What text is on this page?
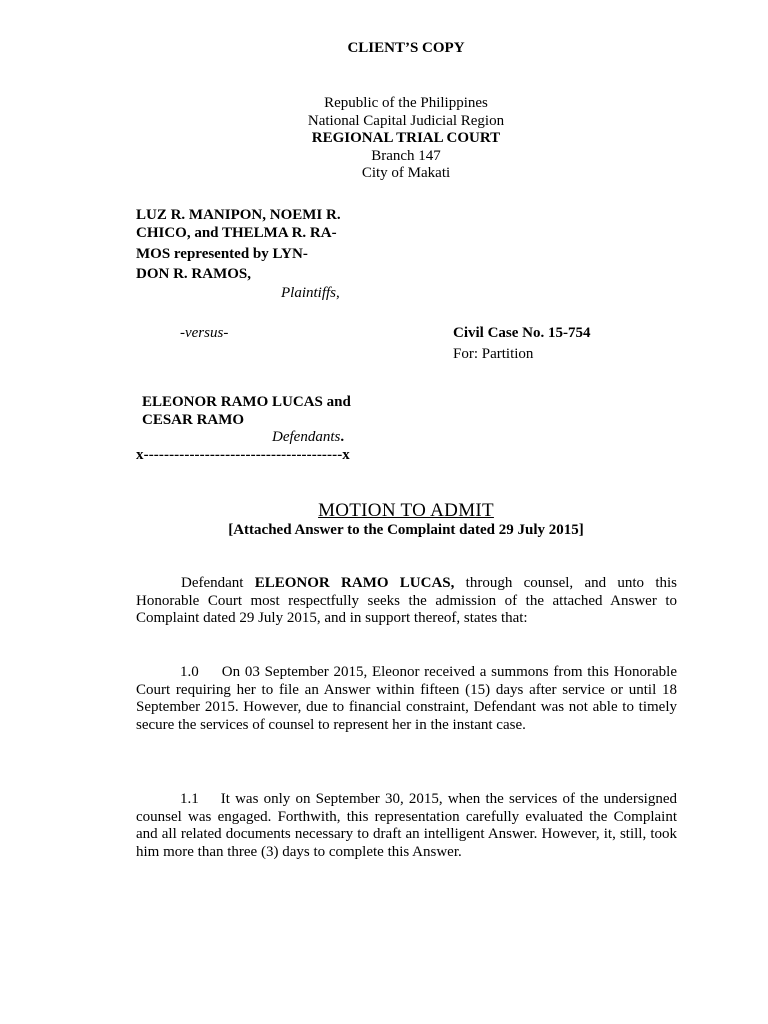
CLIENT’S COPY
Republic of the Philippines
National Capital Judicial Region
REGIONAL TRIAL COURT
Branch 147
City of Makati
LUZ R. MANIPON, NOEMI R.
CHICO, and THELMA R. RA-
MOS represented by LYN-
DON R. RAMOS,
Plaintiffs,
-versus-	Civil Case No. 15-754
For: Partition
ELEONOR RAMO LUCAS and
CESAR RAMO
Defendants.
x---------------------------------------x
MOTION TO ADMIT
[Attached Answer to the Complaint dated 29 July 2015]
Defendant ELEONOR RAMO LUCAS, through counsel, and unto this Honorable Court most respectfully seeks the admission of the attached Answer to Complaint dated 29 July 2015, and in support thereof, states that:
1.0 On 03 September 2015, Eleonor received a summons from this Honorable Court requiring her to file an Answer within fifteen (15) days after service or until 18 September 2015. However, due to financial constraint, Defendant was not able to timely secure the services of counsel to represent her in the instant case.
1.1 It was only on September 30, 2015, when the services of the undersigned counsel was engaged. Forthwith, this representation carefully evaluated the Complaint and all related documents necessary to draft an intelligent Answer. However, it, still, took him more than three (3) days to complete this Answer.
